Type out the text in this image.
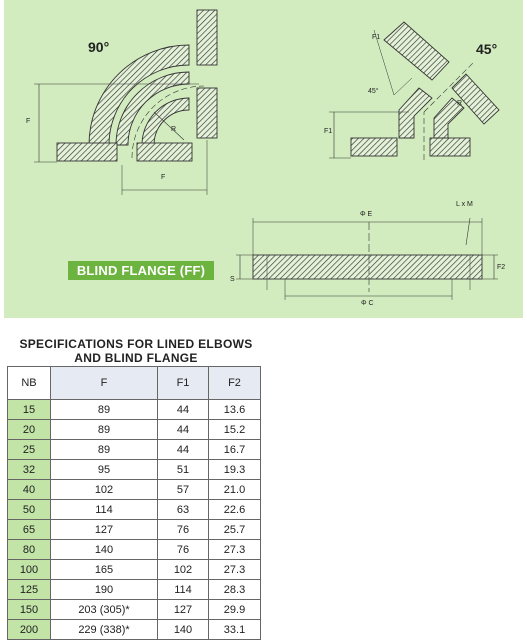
90°
F
F
R
45°
F1
F1
45°
R
BLIND FLANGE (FF)
Φ E
L x M
F2
S
Φ C
SPECIFICATIONS FOR LINED ELBOWS
AND BLIND FLANGE
NB	F	F1	F2
15	89	44	13.6
20	89	44	15.2
25	89	44	16.7
32	95	51	19.3
40	102	57	21.0
50	114	63	22.6
65	127	76	25.7
80	140	76	27.3
100	165	102	27.3
125	190	114	28.3
150	203 (305)*	127	29.9
200	229 (338)*	140	33.1
